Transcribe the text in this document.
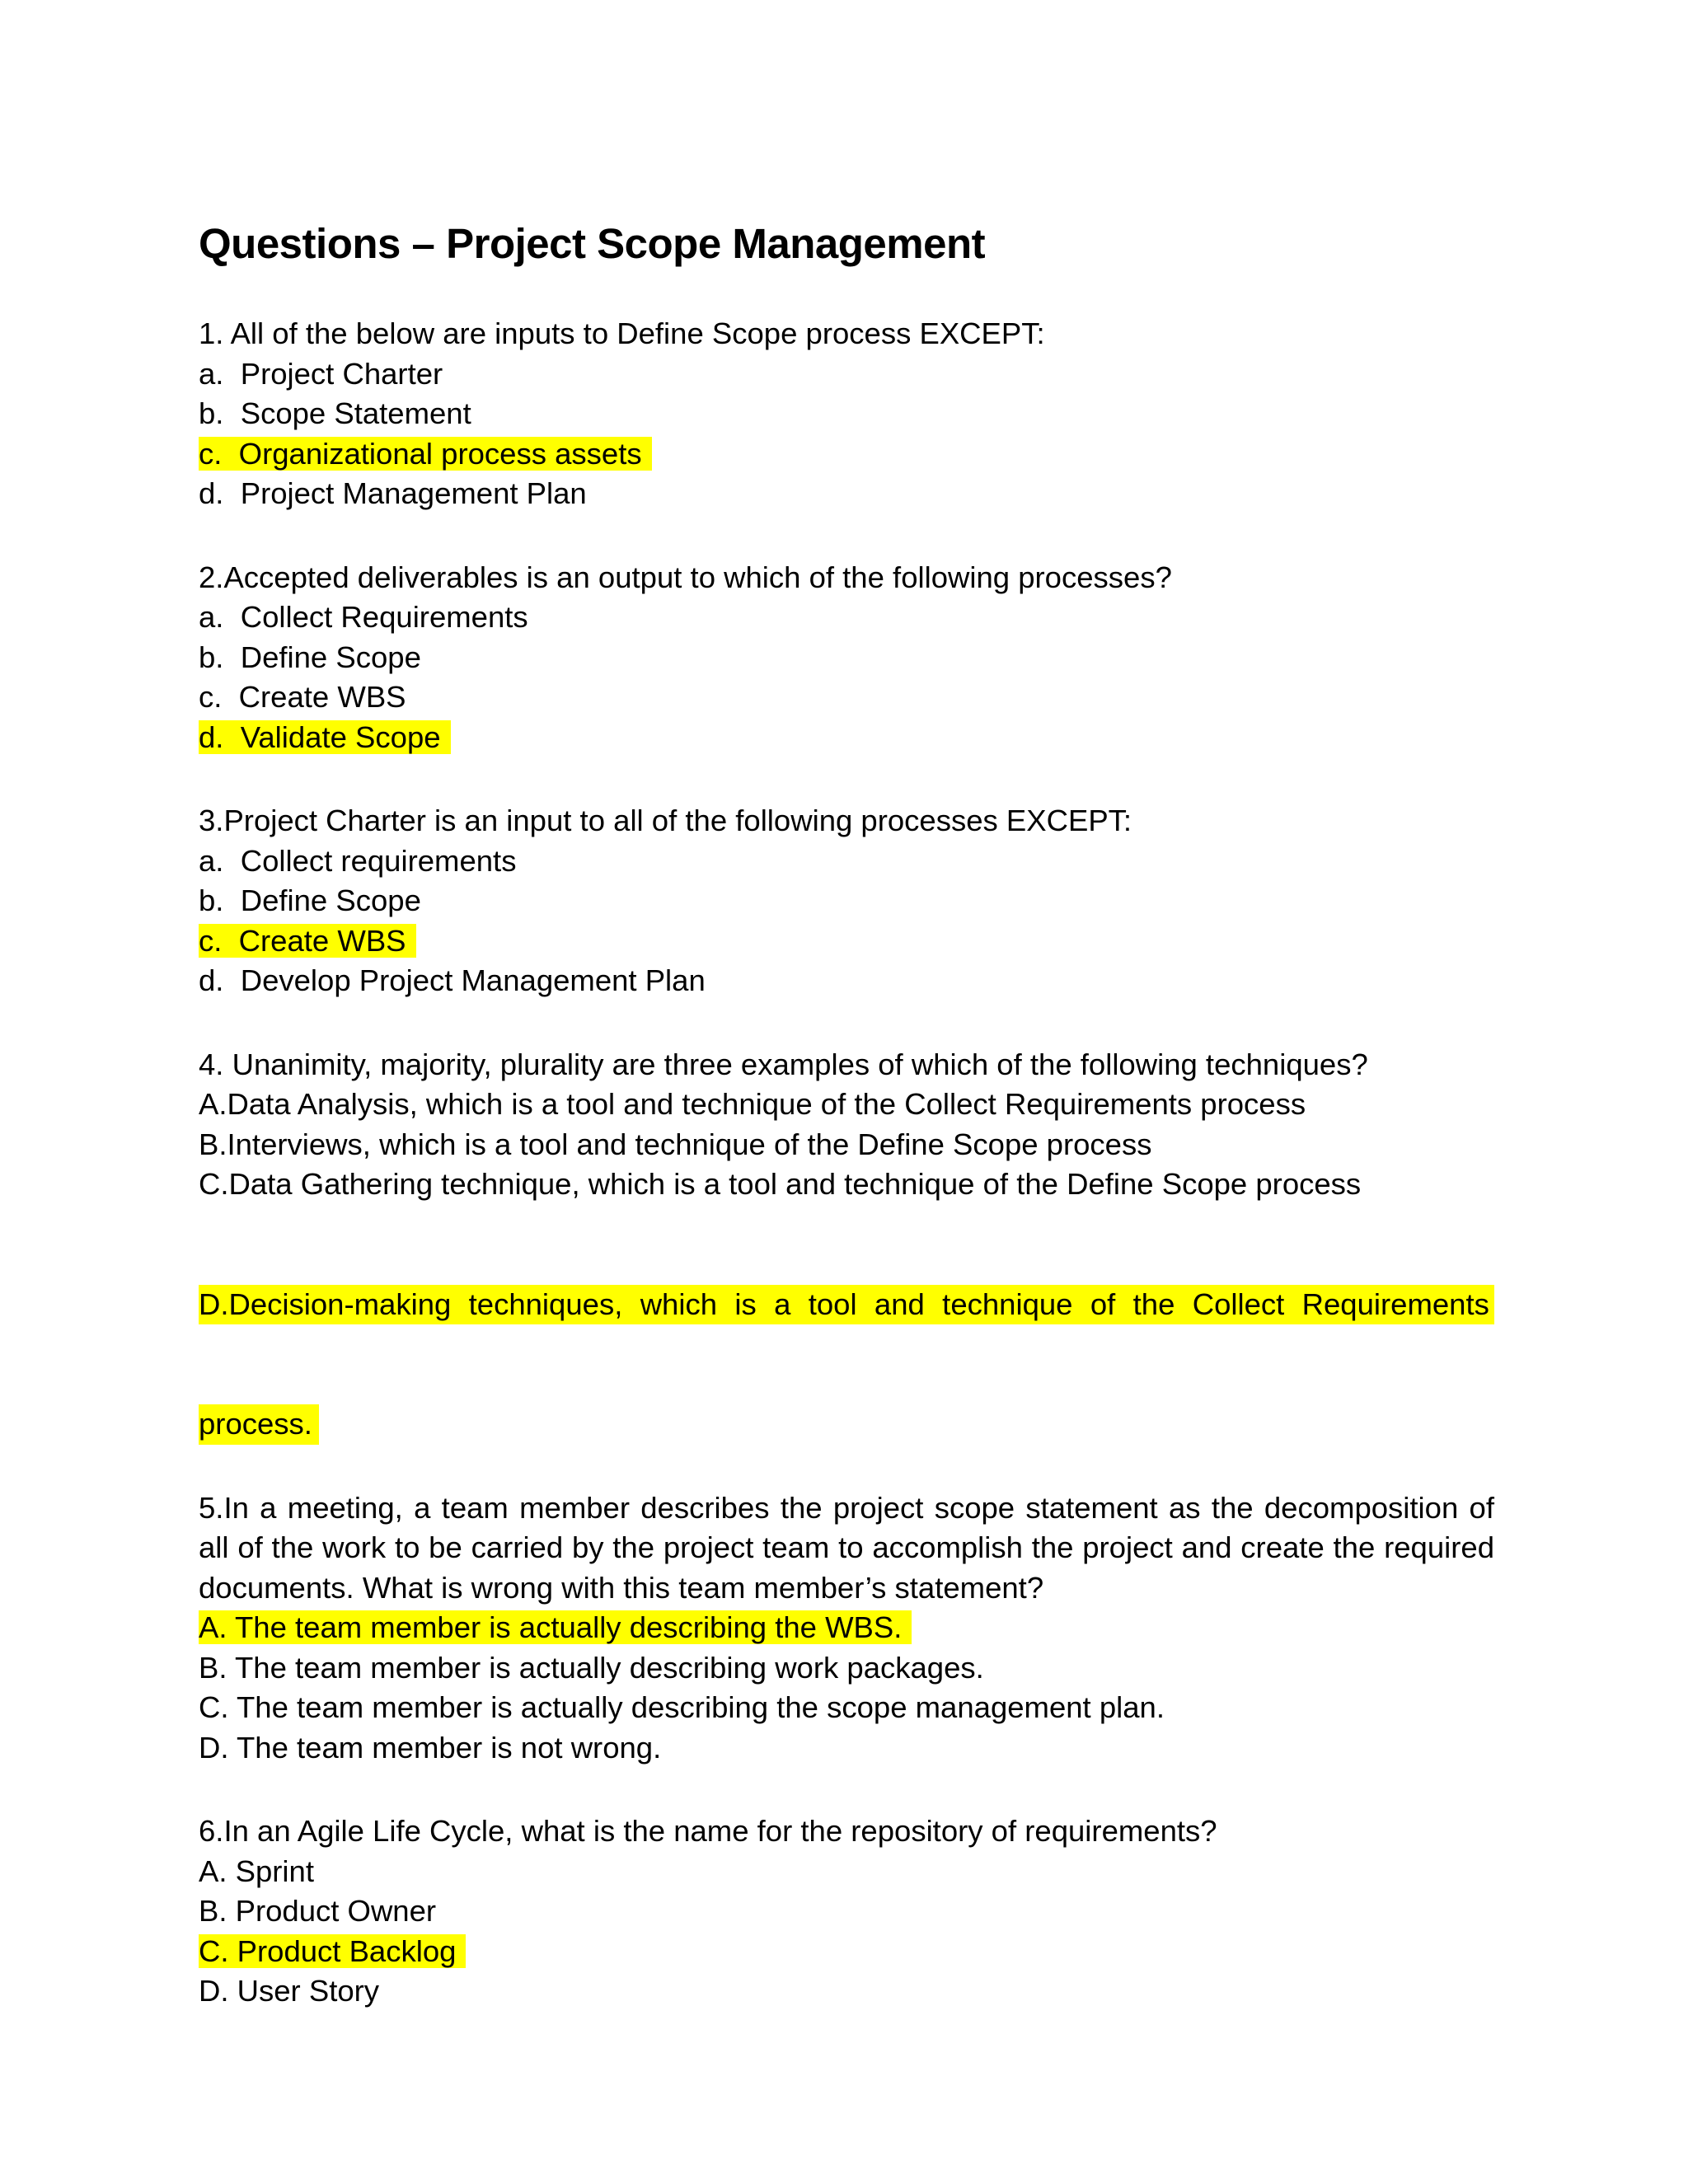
Questions – Project Scope Management
1. All of the below are inputs to Define Scope process EXCEPT:
a.  Project Charter
b.  Scope Statement
c.  Organizational process assets
d.  Project Management Plan
2.Accepted deliverables is an output to which of the following processes?
a.  Collect Requirements
b.  Define Scope
c.  Create WBS
d.  Validate Scope
3.Project Charter is an input to all of the following processes EXCEPT:
a.  Collect requirements
b.  Define Scope
c.  Create WBS
d.  Develop Project Management Plan
4. Unanimity, majority, plurality are three examples of which of the following techniques?
A.Data Analysis, which is a tool and technique of the Collect Requirements process
B.Interviews, which is a tool and technique of the Define Scope process
C.Data Gathering technique, which is a tool and technique of the Define Scope process

D.Decision-making techniques, which is a tool and technique of the Collect Requirements

process.
5.In a meeting, a team member describes the project scope statement as the decomposition of all of the work to be carried by the project team to accomplish the project and create the required documents. What is wrong with this team member’s statement?
A. The team member is actually describing the WBS.
B. The team member is actually describing work packages.
C. The team member is actually describing the scope management plan.
D. The team member is not wrong.
6.In an Agile Life Cycle, what is the name for the repository of requirements?
A. Sprint
B. Product Owner
C. Product Backlog
D. User Story
